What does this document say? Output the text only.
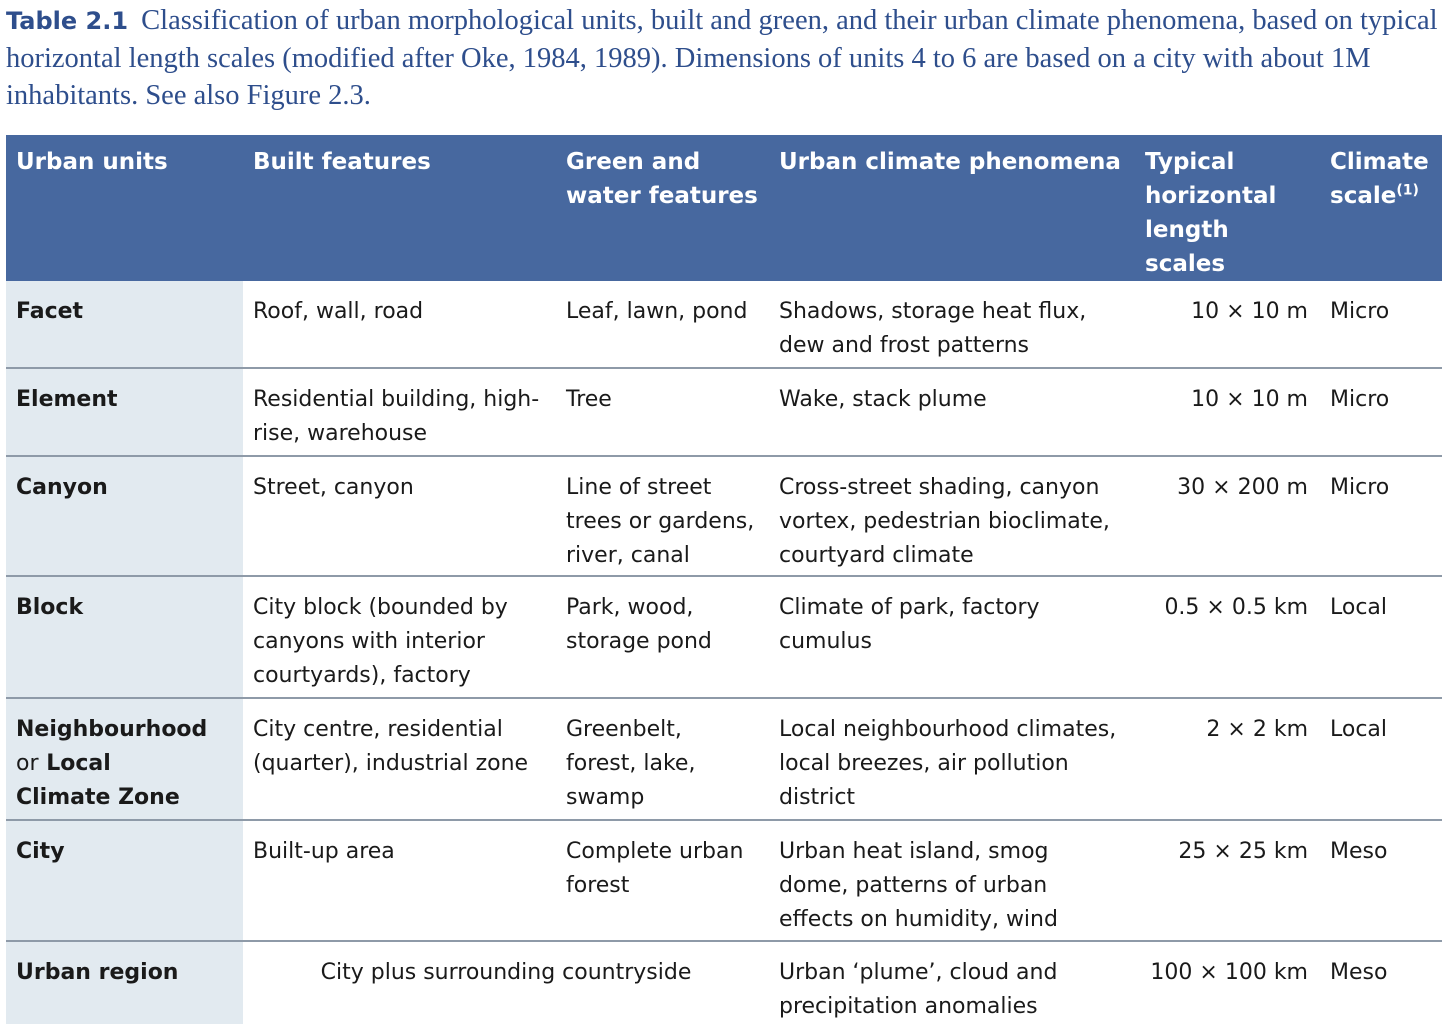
Table 2.1 Classification of urban morphological units, built and green, and their urban climate phenomena, based on typical horizontal length scales (modified after Oke, 1984, 1989). Dimensions of units 4 to 6 are based on a city with about 1M inhabitants. See also Figure 2.3.
Urban units	Built features	Green and water features	Urban climate phenomena	Typical horizontal length scales	Climate scale$^{(1)}$
Facet	Roof, wall, road	Leaf, lawn, pond	Shadows, storage heat flux, dew and frost patterns	10 × 10 m	Micro
Element	Residential building, high-rise, warehouse	Tree	Wake, stack plume	10 × 10 m	Micro
Canyon	Street, canyon	Line of street trees or gardens, river, canal	Cross-street shading, canyon vortex, pedestrian bioclimate, courtyard climate	30 × 200 m	Micro
Block	City block (bounded by canyons with interior courtyards), factory	Park, wood, storage pond	Climate of park, factory cumulus	0.5 × 0.5 km	Local
Neighbourhood
or Local
Climate Zone	City centre, residential (quarter), industrial zone	Greenbelt, forest, lake, swamp	Local neighbourhood climates, local breezes, air pollution district	2 × 2 km	Local
City	Built-up area	Complete urban forest	Urban heat island, smog dome, patterns of urban effects on humidity, wind	25 × 25 km	Meso
Urban region	City plus surrounding countryside		Urban ‘plume’, cloud and precipitation anomalies	100 × 100 km	Meso
